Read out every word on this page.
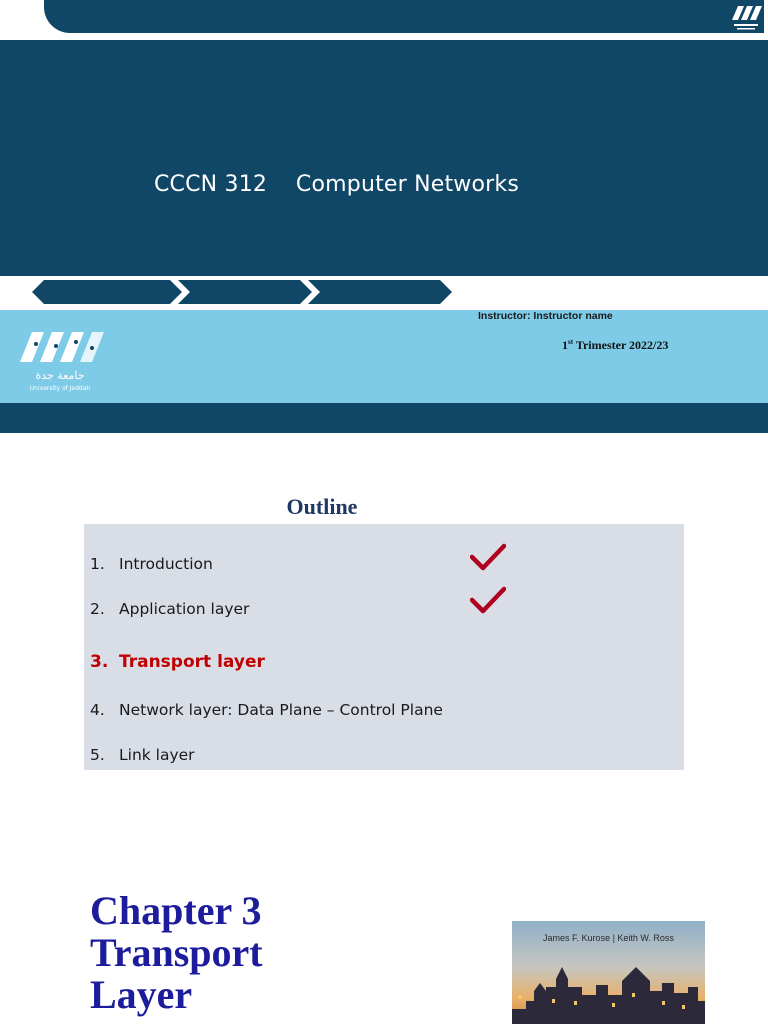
CCCN 312 Computer Networks
Instructor: Instructor name
1st Trimester 2022/23
جامعة جدة
University of Jeddah
Outline
1. Introduction
2. Application layer
3. Transport layer
4. Network layer: Data Plane – Control Plane
5. Link layer
Chapter 3
Transport
Layer
James F. Kurose | Keith W. Ross
